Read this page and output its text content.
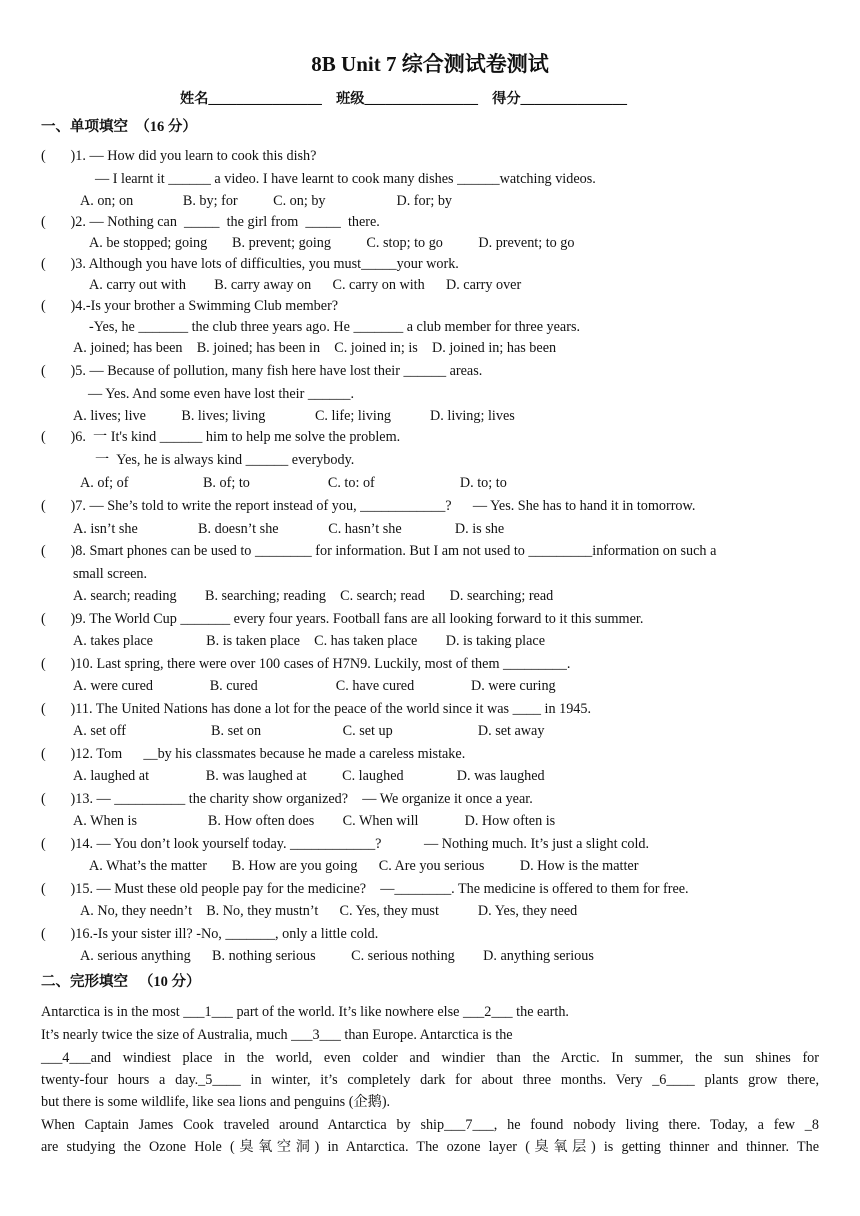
8B Unit 7 综合测试卷测试
姓名________________    班级________________    得分_______________
一、单项填空  （16 分）
(       )1. — How did you learn to cook this dish?
— I learnt it ______ a video. I have learnt to cook many dishes ______watching videos.
A. on; on              B. by; for          C. on; by                    D. for; by
(       )2. — Nothing can  _____  the girl from  _____  there.
A. be stopped; going       B. prevent; going          C. stop; to go          D. prevent; to go
(       )3. Although you have lots of difficulties, you must_____your work.
A. carry out with        B. carry away on      C. carry on with      D. carry over
(       )4.-Is your brother a Swimming Club member?
-Yes, he _______ the club three years ago. He _______ a club member for three years.
A. joined; has been    B. joined; has been in    C. joined in; is    D. joined in; has been
(       )5. — Because of pollution, many fish here have lost their ______ areas.
— Yes. And some even have lost their ______.
A. lives; live          B. lives; living              C. life; living           D. living; lives
(       )6.  一 It's kind ______ him to help me solve the problem.
一  Yes, he is always kind ______ everybody.
A. of; of                     B. of; to                      C. to: of                        D. to; to
(       )7. — She’s told to write the report instead of you, ____________?      — Yes. She has to hand it in tomorrow.
A. isn’t she                 B. doesn’t she              C. hasn’t she               D. is she
(       )8. Smart phones can be used to ________ for information. But I am not used to _________information on such a
small screen.
A. search; reading        B. searching; reading    C. search; read       D. searching; read
(       )9. The World Cup _______ every four years. Football fans are all looking forward to it this summer.
A. takes place               B. is taken place    C. has taken place        D. is taking place
(       )10. Last spring, there were over 100 cases of H7N9. Luckily, most of them _________.
A. were cured                B. cured                      C. have cured                D. were curing
(       )11. The United Nations has done a lot for the peace of the world since it was ____ in 1945.
A. set off                        B. set on                       C. set up                        D. set away
(       )12. Tom      __by his classmates because he made a careless mistake.
A. laughed at                B. was laughed at          C. laughed               D. was laughed
(       )13. — __________ the charity show organized?    — We organize it once a year.
A. When is                    B. How often does        C. When will             D. How often is
(       )14. — You don’t look yourself today. ____________?            — Nothing much. It’s just a slight cold.
A. What’s the matter       B. How are you going      C. Are you serious          D. How is the matter
(       )15. — Must these old people pay for the medicine?    —________. The medicine is offered to them for free.
A. No, they needn’t    B. No, they mustn’t      C. Yes, they must           D. Yes, they need
(       )16.-Is your sister ill? -No, _______, only a little cold.
A. serious anything      B. nothing serious          C. serious nothing        D. anything serious
二、完形填空   （10 分）
Antarctica is in the most ___1___ part of the world. It’s like nowhere else ___2___ the earth.
It’s nearly twice the size of Australia, much ___3___ than Europe. Antarctica is the
___4___and windiest place in the world, even colder and windier than the Arctic. In summer, the sun shines for
twenty-four hours a day._5____ in winter, it’s completely dark for about three months. Very _6____ plants grow there,
but there is some wildlife, like sea lions and penguins (企鹅).
When Captain James Cook traveled around Antarctica by ship___7___, he found nobody living there. Today, a few _8
are studying the Ozone Hole (臭氧空洞) in Antarctica. The ozone layer (臭氧层) is getting thinner and thinner. The
